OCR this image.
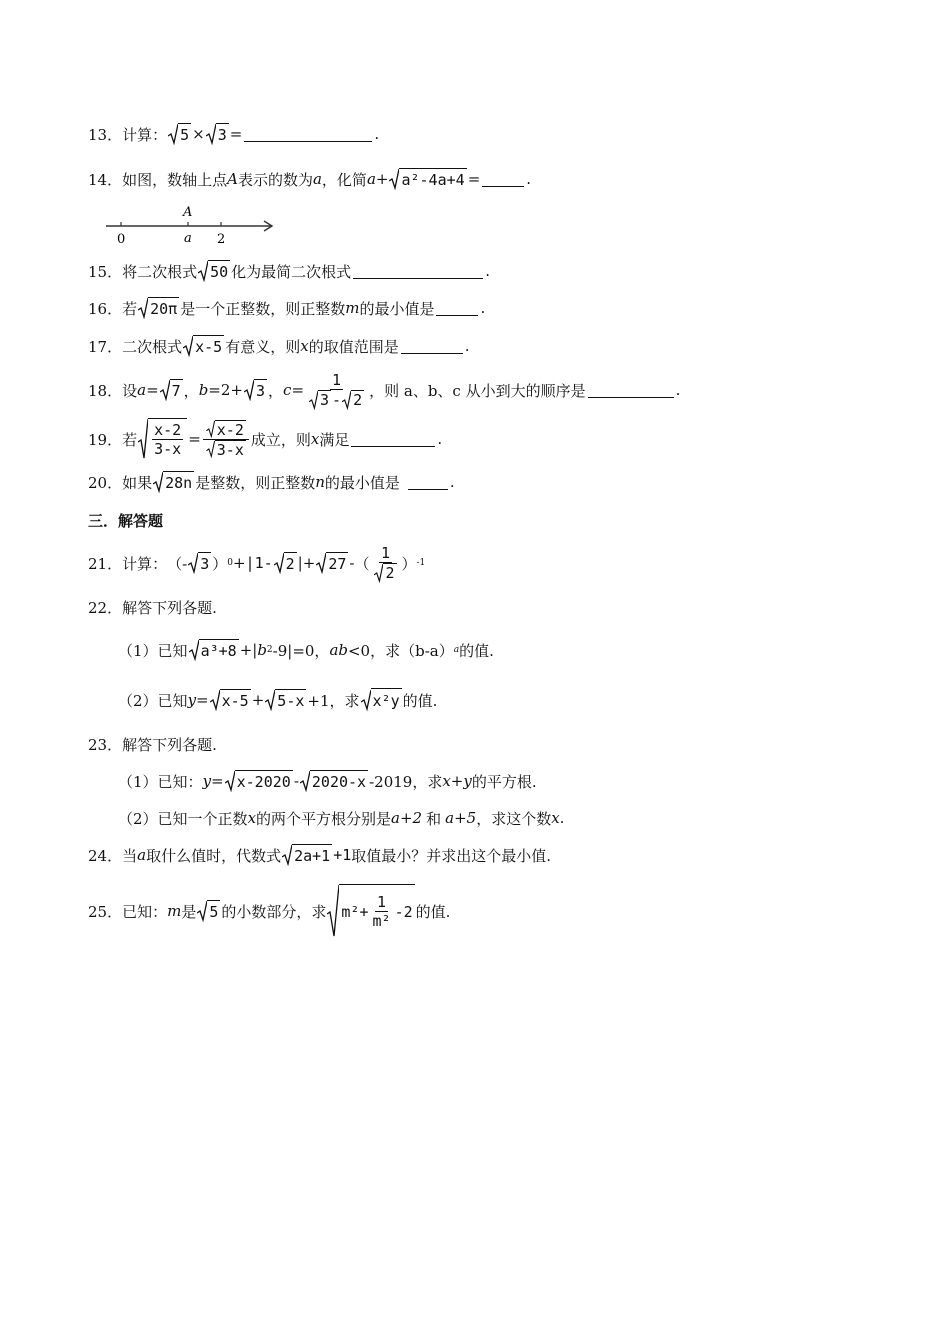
13． 计算： 5 × 3 =	.
14． 如图，数轴上点 A 表示的数为 a ，化简 a + a²-4a+4 =	.
A
0	a 2
15． 将二次根式 50 化为最简二次根式	.
16． 若 20π 是一个正整数，则正整数 m 的最小值是	.
17． 二次根式 x-5 有意义，则 x 的取值范围是	.
18． 设 a = 7 ， b =2+ 3 ， $c = \frac{1}{3 - 2}$ ，则 a、b、c 从小到大的顺序是	.
19． 若 $\frac{x-2}{3-x} = \frac{x-2}{3-x}$ 成立，则 x 满足	.
20． 如果 28n 是整数，则正整数 n 的最小值是	.
三．解答题
21． 计算： （- 3 ） 0 + |1- 2 | + 27 - （ $\frac{1}{2}$ ） -1
22． 解答下列各题.
（1） 已知 a³+8 +| b 2 -9|=0， ab <0，求（b-a） a 的值.
（2） 已知 y = x-5 + 5-x +1，求 x²y 的值.
23． 解答下列各题.
（1） 已知： y = x-2020 - 2020-x -2019，求 x+y 的平方根.
（2） 已知一个正数 x 的两个平方根分别是 a+2 和 a+5 ，求这个数 x .
24． 当 a 取什么值时，代数式 2a+1 +1 取值最小？并求出这个最小值.
25． 已知： m 是 5 的小数部分，求 $m^2+ \frac{1}{\text{m²}} -2$ 的值.
